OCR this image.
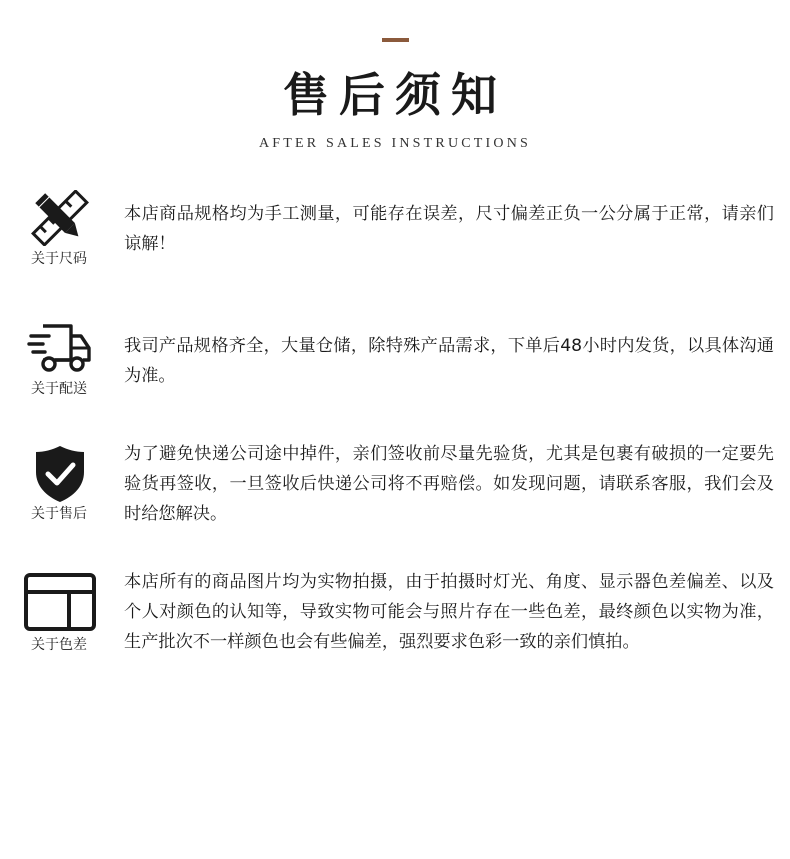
售后须知
AFTER SALES INSTRUCTIONS
关于尺码
本店商品规格均为手工测量，可能存在误差，尺寸偏差正负一公分属于正常，请亲们谅解！
关于配送
我司产品规格齐全，大量仓储，除特殊产品需求，下单后48小时内发货，以具体沟通为准。
关于售后
为了避免快递公司途中掉件，亲们签收前尽量先验货，尤其是包裹有破损的一定要先验货再签收，一旦签收后快递公司将不再赔偿。如发现问题，请联系客服，我们会及时给您解决。
关于色差
本店所有的商品图片均为实物拍摄，由于拍摄时灯光、角度、显示器色差偏差、以及个人对颜色的认知等，导致实物可能会与照片存在一些色差，最终颜色以实物为准，生产批次不一样颜色也会有些偏差，强烈要求色彩一致的亲们慎拍。
